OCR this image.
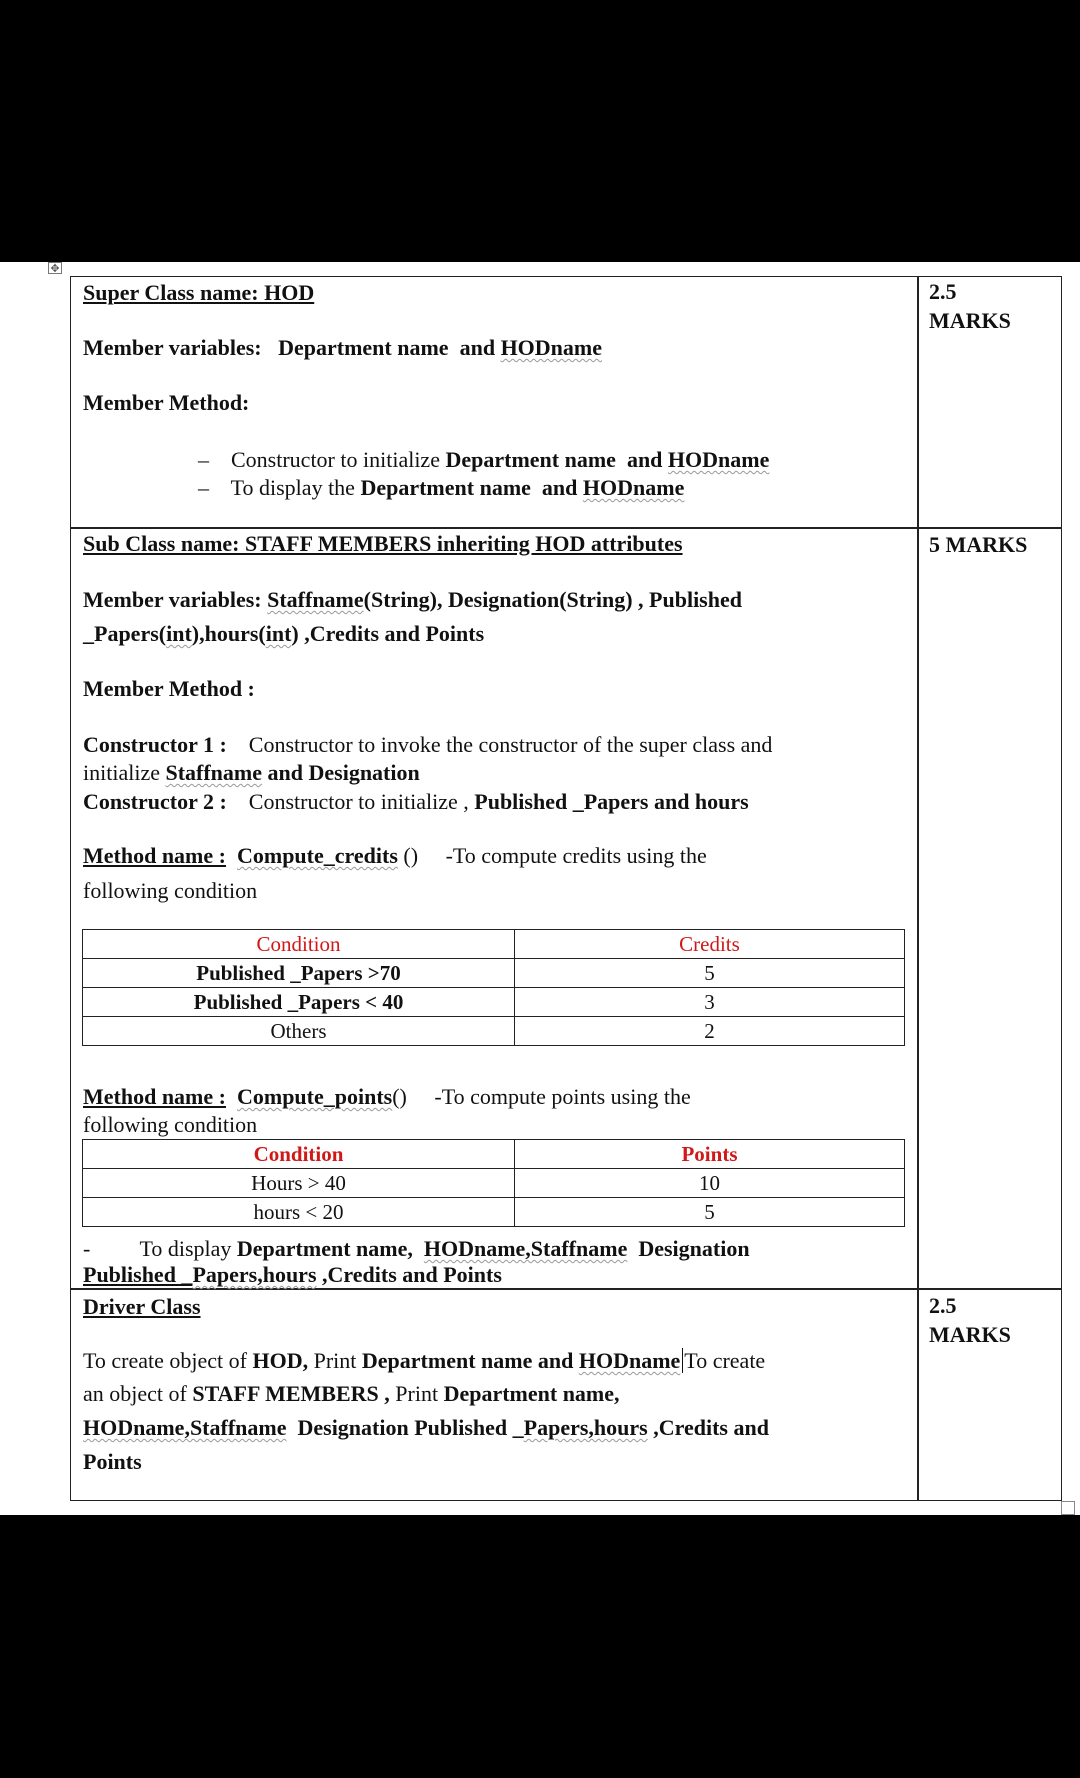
✥
Super Class name: HOD	2.5
MARKS
Member variables: Department name and HODname
Member Method:
– Constructor to initialize Department name and HODname
– To display the Department name and HODname
Sub Class name: STAFF MEMBERS inheriting HOD attributes	5 MARKS
Member variables: Staffname(String), Designation(String) , Published
_Papers(int),hours(int) ,Credits and Points
Member Method :
Constructor 1 : Constructor to invoke the constructor of the super class and
initialize Staffname and Designation
Constructor 2 : Constructor to initialize , Published _Papers and hours
Method name : Compute_credits () -To compute credits using the
following condition
Condition	Credits
Published _Papers >70	5
Published _Papers < 40	3
Others	2
Method name : Compute_points() -To compute points using the
following condition
Condition	Points
Hours > 40	10
hours < 20	5
- To display Department name, HODname,Staffname Designation
Published _Papers,hours ,Credits and Points
Driver Class	2.5
MARKS
To create object of HOD, Print Department name and HODname To create
an object of STAFF MEMBERS , Print Department name,
HODname,Staffname Designation Published _Papers,hours ,Credits and
Points
